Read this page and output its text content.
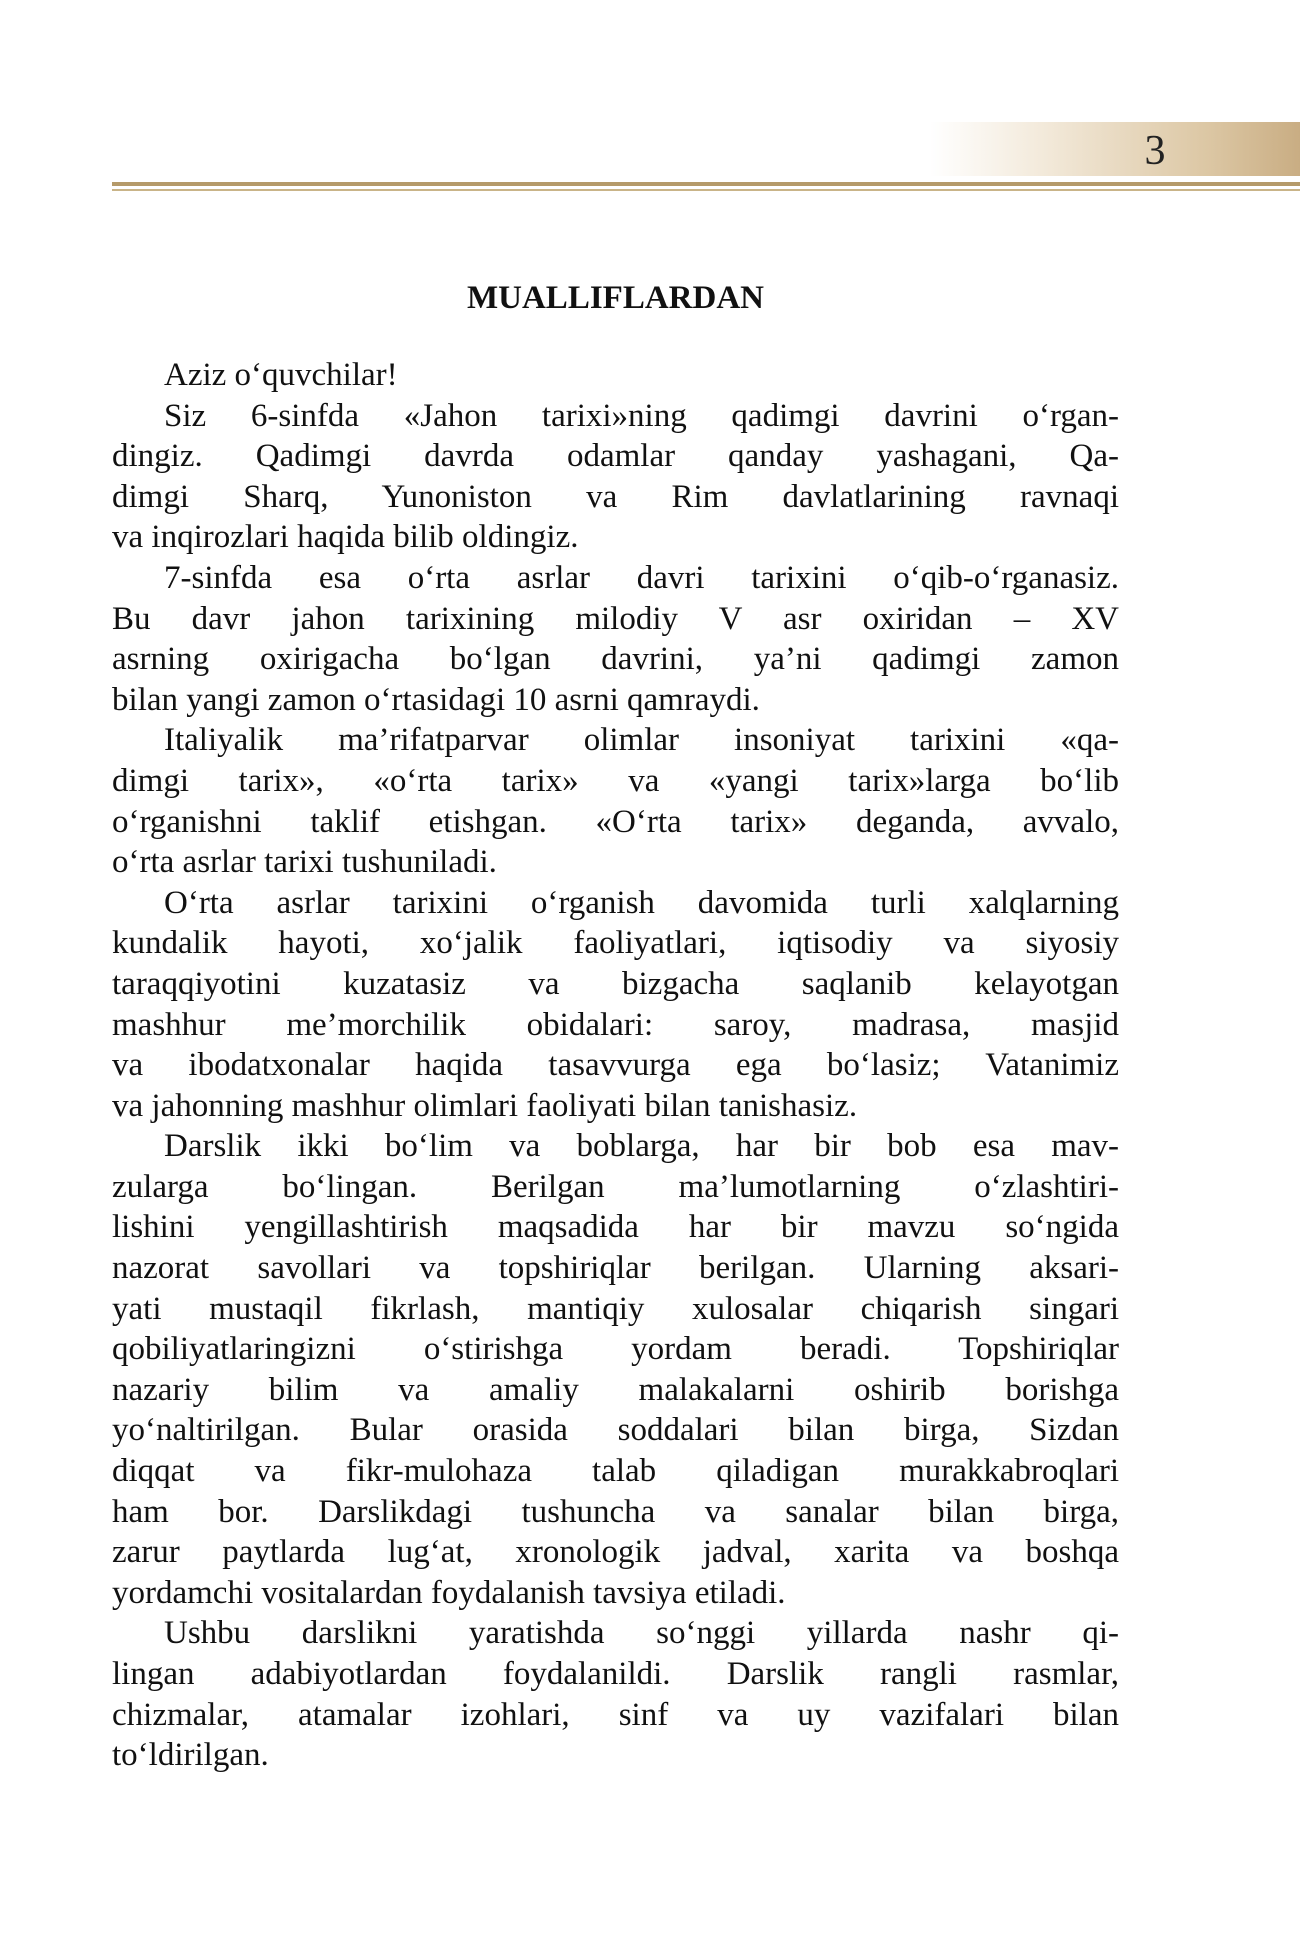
3
MUALLIFLARDAN
Aziz o‘quvchilar!
Siz 6-sinfda «Jahon tarixi»ning qadimgi davrini o‘rgan-
dingiz. Qadimgi davrda odamlar qanday yashagani, Qa-
dimgi Sharq, Yunoniston va Rim davlatlarining ravnaqi
va inqirozlari haqida bilib oldingiz.
7-sinfda esa o‘rta asrlar davri tarixini o‘qib-o‘rganasiz.
Bu davr jahon tarixining milodiy V asr oxiridan – XV
asrning oxirigacha bo‘lgan davrini, ya’ni qadimgi zamon
bilan yangi zamon o‘rtasidagi 10 asrni qamraydi.
Italiyalik ma’rifatparvar olimlar insoniyat tarixini «qa-
dimgi tarix», «o‘rta tarix» va «yangi tarix»larga bo‘lib
o‘rganishni taklif etishgan. «O‘rta tarix» deganda, avvalo,
o‘rta asrlar tarixi tushuniladi.
O‘rta asrlar tarixini o‘rganish davomida turli xalqlarning
kundalik hayoti, xo‘jalik faoliyatlari, iqtisodiy va siyosiy
taraqqiyotini kuzatasiz va bizgacha saqlanib kelayotgan
mashhur me’morchilik obidalari: saroy, madrasa, masjid
va ibodatxonalar haqida tasavvurga ega bo‘lasiz; Vatanimiz
va jahonning mashhur olimlari faoliyati bilan tanishasiz.
Darslik ikki bo‘lim va boblarga, har bir bob esa mav-
zularga bo‘lingan. Berilgan ma’lumotlarning o‘zlashtiri-
lishini yengillashtirish maqsadida har bir mavzu so‘ngida
nazorat savollari va topshiriqlar berilgan. Ularning aksari-
yati mustaqil fikrlash, mantiqiy xulosalar chiqarish singari
qobiliyatlaringizni o‘stirishga yordam beradi. Topshiriqlar
nazariy bilim va amaliy malakalarni oshirib borishga
yo‘naltirilgan. Bular orasida soddalari bilan birga, Sizdan
diqqat va fikr-mulohaza talab qiladigan murakkabroqlari
ham bor. Darslikdagi tushuncha va sanalar bilan birga,
zarur paytlarda lug‘at, xronologik jadval, xarita va boshqa
yordamchi vositalardan foydalanish tavsiya etiladi.
Ushbu darslikni yaratishda so‘nggi yillarda nashr qi-
lingan adabiyotlardan foydalanildi. Darslik rangli rasmlar,
chizmalar, atamalar izohlari, sinf va uy vazifalari bilan
to‘ldirilgan.
